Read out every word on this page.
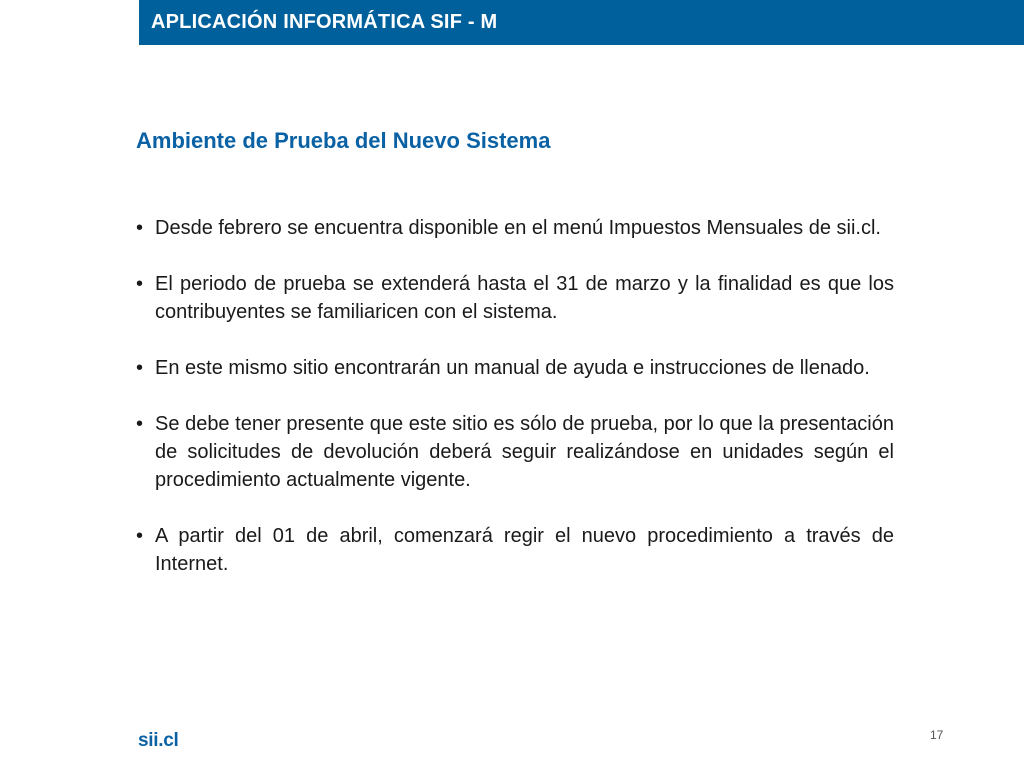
APLICACIÓN INFORMÁTICA SIF - M
Ambiente de Prueba del Nuevo Sistema
• Desde febrero se encuentra disponible en el menú Impuestos Mensuales de sii.cl.
• El periodo de prueba se extenderá hasta el 31 de marzo y la finalidad es que los contribuyentes se familiaricen con el sistema.
• En este mismo sitio encontrarán un manual de ayuda e instrucciones de llenado.
• Se debe tener presente que este sitio es sólo de prueba, por lo que la presentación de solicitudes de devolución deberá seguir realizándose en unidades según el procedimiento actualmente vigente.
• A partir del 01 de abril, comenzará regir el nuevo procedimiento a través de Internet.
sii.cl	17
